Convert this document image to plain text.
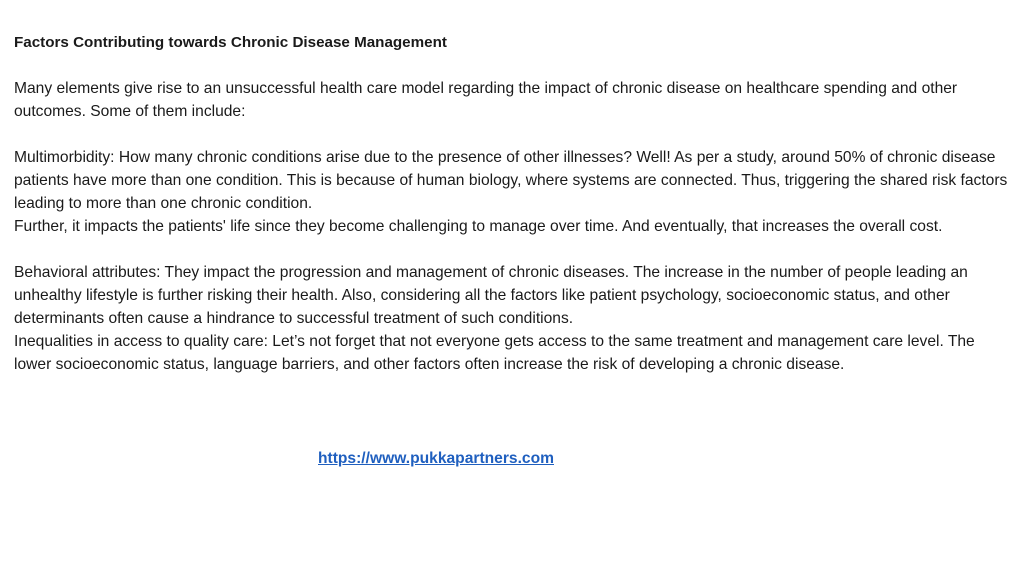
Factors Contributing towards Chronic Disease Management

Many elements give rise to an unsuccessful health care model regarding the impact of chronic disease on healthcare spending and other outcomes. Some of them include:

Multimorbidity: How many chronic conditions arise due to the presence of other illnesses? Well! As per a study, around 50% of chronic disease patients have more than one condition. This is because of human biology, where systems are connected. Thus, triggering the shared risk factors leading to more than one chronic condition.

Further, it impacts the patients' life since they become challenging to manage over time. And eventually, that increases the overall cost.

Behavioral attributes: They impact the progression and management of chronic diseases. The increase in the number of people leading an unhealthy lifestyle is further risking their health. Also, considering all the factors like patient psychology, socioeconomic status, and other determinants often cause a hindrance to successful treatment of such conditions.

Inequalities in access to quality care: Let’s not forget that not everyone gets access to the same treatment and management care level. The lower socioeconomic status, language barriers, and other factors often increase the risk of developing a chronic disease.

https://www.pukkapartners.com
